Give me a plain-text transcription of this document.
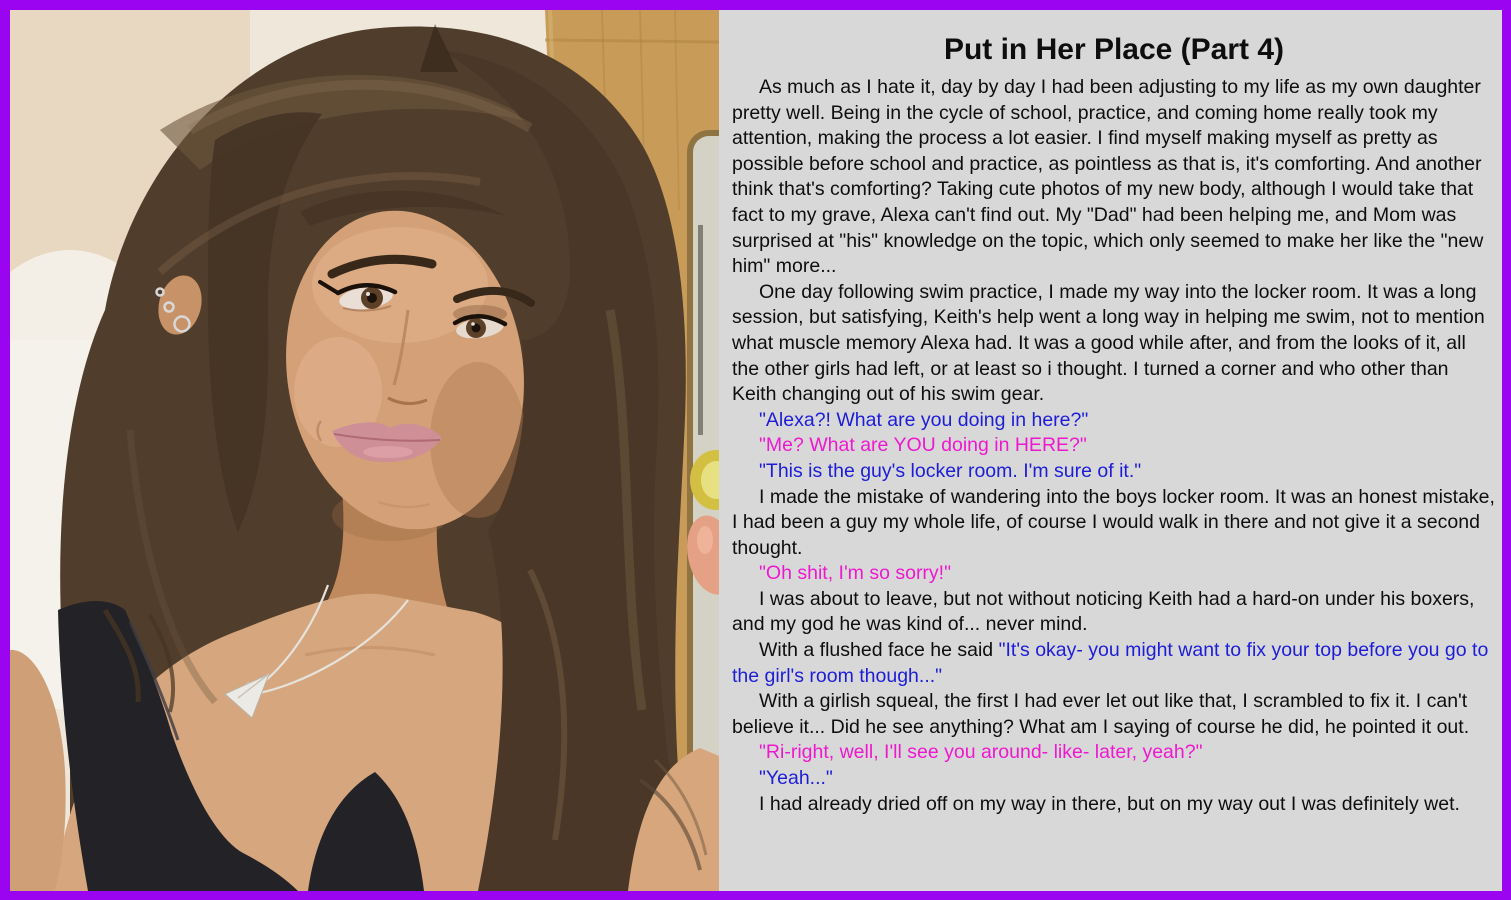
Put in Her Place (Part 4)

As much as I hate it, day by day I had been adjusting to my life as my own daughter pretty well. Being in the cycle of school, practice, and coming home really took my attention, making the process a lot easier. I find myself making myself as pretty as possible before school and practice, as pointless as that is, it's comforting. And another think that's comforting? Taking cute photos of my new body, although I would take that fact to my grave, Alexa can't find out. My "Dad" had been helping me, and Mom was surprised at "his" knowledge on the topic, which only seemed to make her like the "new him" more...

One day following swim practice, I made my way into the locker room. It was a long session, but satisfying, Keith's help went a long way in helping me swim, not to mention what muscle memory Alexa had. It was a good while after, and from the looks of it, all the other girls had left, or at least so i thought. I turned a corner and who other than Keith changing out of his swim gear.

"Alexa?! What are you doing in here?"

"Me? What are YOU doing in HERE?"

"This is the guy's locker room. I'm sure of it."

I made the mistake of wandering into the boys locker room. It was an honest mistake, I had been a guy my whole life, of course I would walk in there and not give it a second thought.

"Oh shit, I'm so sorry!"

I was about to leave, but not without noticing Keith had a hard-on under his boxers, and my god he was kind of... never mind.

With a flushed face he said "It's okay- you might want to fix your top before you go to the girl's room though..."

With a girlish squeal, the first I had ever let out like that, I scrambled to fix it. I can't believe it... Did he see anything? What am I saying of course he did, he pointed it out.

"Ri-right, well, I'll see you around- like- later, yeah?"

"Yeah..."

I had already dried off on my way in there, but on my way out I was definitely wet.
